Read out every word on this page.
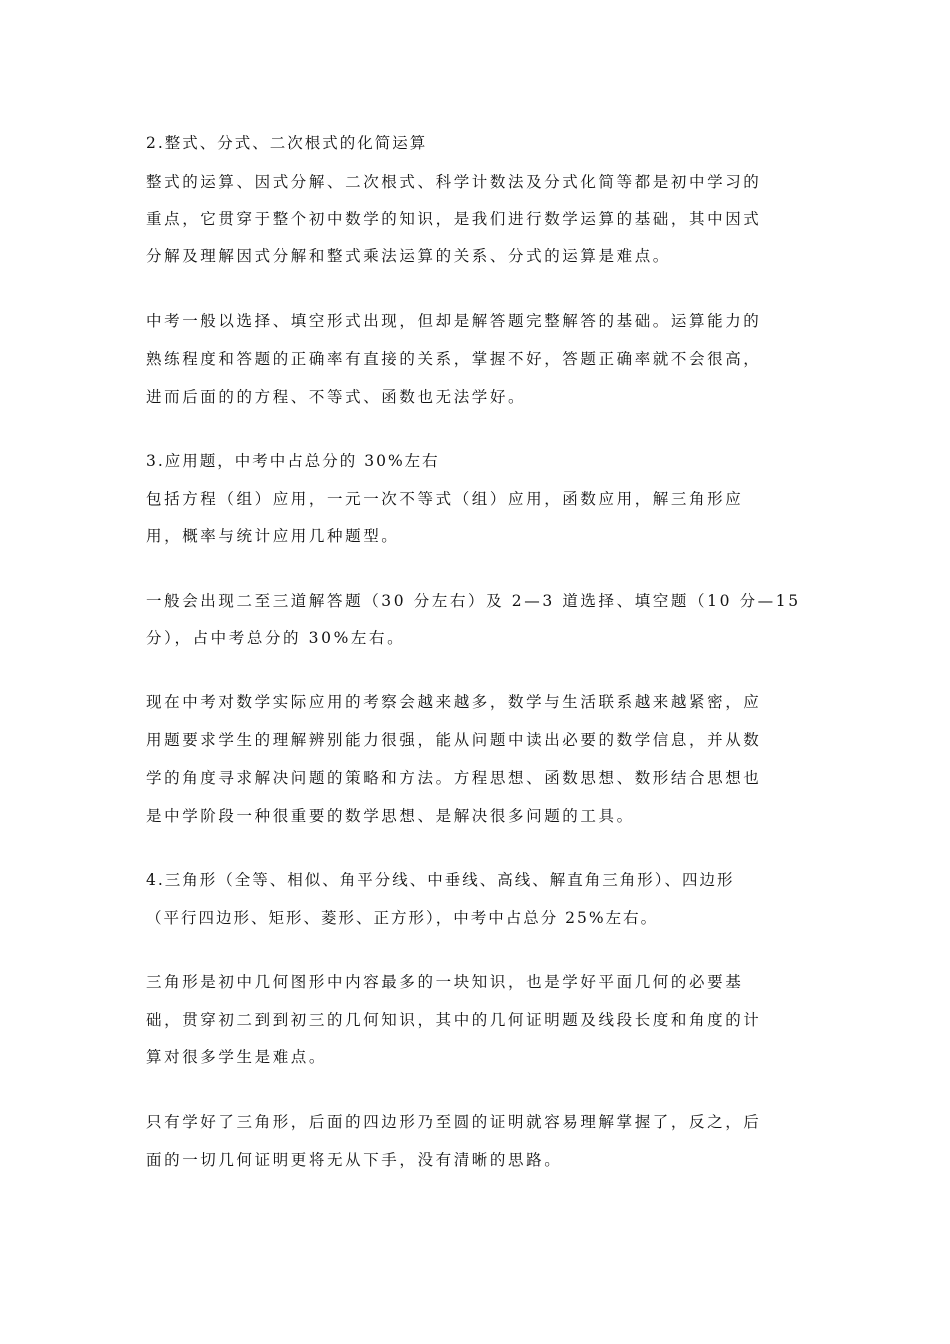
2.整式、分式、二次根式的化简运算

整式的运算、因式分解、二次根式、科学计数法及分式化简等都是初中学习的

重点，它贯穿于整个初中数学的知识，是我们进行数学运算的基础，其中因式

分解及理解因式分解和整式乘法运算的关系、分式的运算是难点。

中考一般以选择、填空形式出现，但却是解答题完整解答的基础。运算能力的

熟练程度和答题的正确率有直接的关系，掌握不好，答题正确率就不会很高，

进而后面的的方程、不等式、函数也无法学好。

3.应用题，中考中占总分的 30%左右

包括方程（组）应用，一元一次不等式（组）应用，函数应用，解三角形应

用，概率与统计应用几种题型。

一般会出现二至三道解答题（30 分左右）及 2—3 道选择、填空题（10 分—15

分），占中考总分的 30%左右。

现在中考对数学实际应用的考察会越来越多，数学与生活联系越来越紧密，应

用题要求学生的理解辨别能力很强，能从问题中读出必要的数学信息，并从数

学的角度寻求解决问题的策略和方法。方程思想、函数思想、数形结合思想也

是中学阶段一种很重要的数学思想、是解决很多问题的工具。

4.三角形（全等、相似、角平分线、中垂线、高线、解直角三角形）、四边形

（平行四边形、矩形、菱形、正方形），中考中占总分 25%左右。

三角形是初中几何图形中内容最多的一块知识，也是学好平面几何的必要基

础，贯穿初二到到初三的几何知识，其中的几何证明题及线段长度和角度的计

算对很多学生是难点。

只有学好了三角形，后面的四边形乃至圆的证明就容易理解掌握了，反之，后

面的一切几何证明更将无从下手，没有清晰的思路。
